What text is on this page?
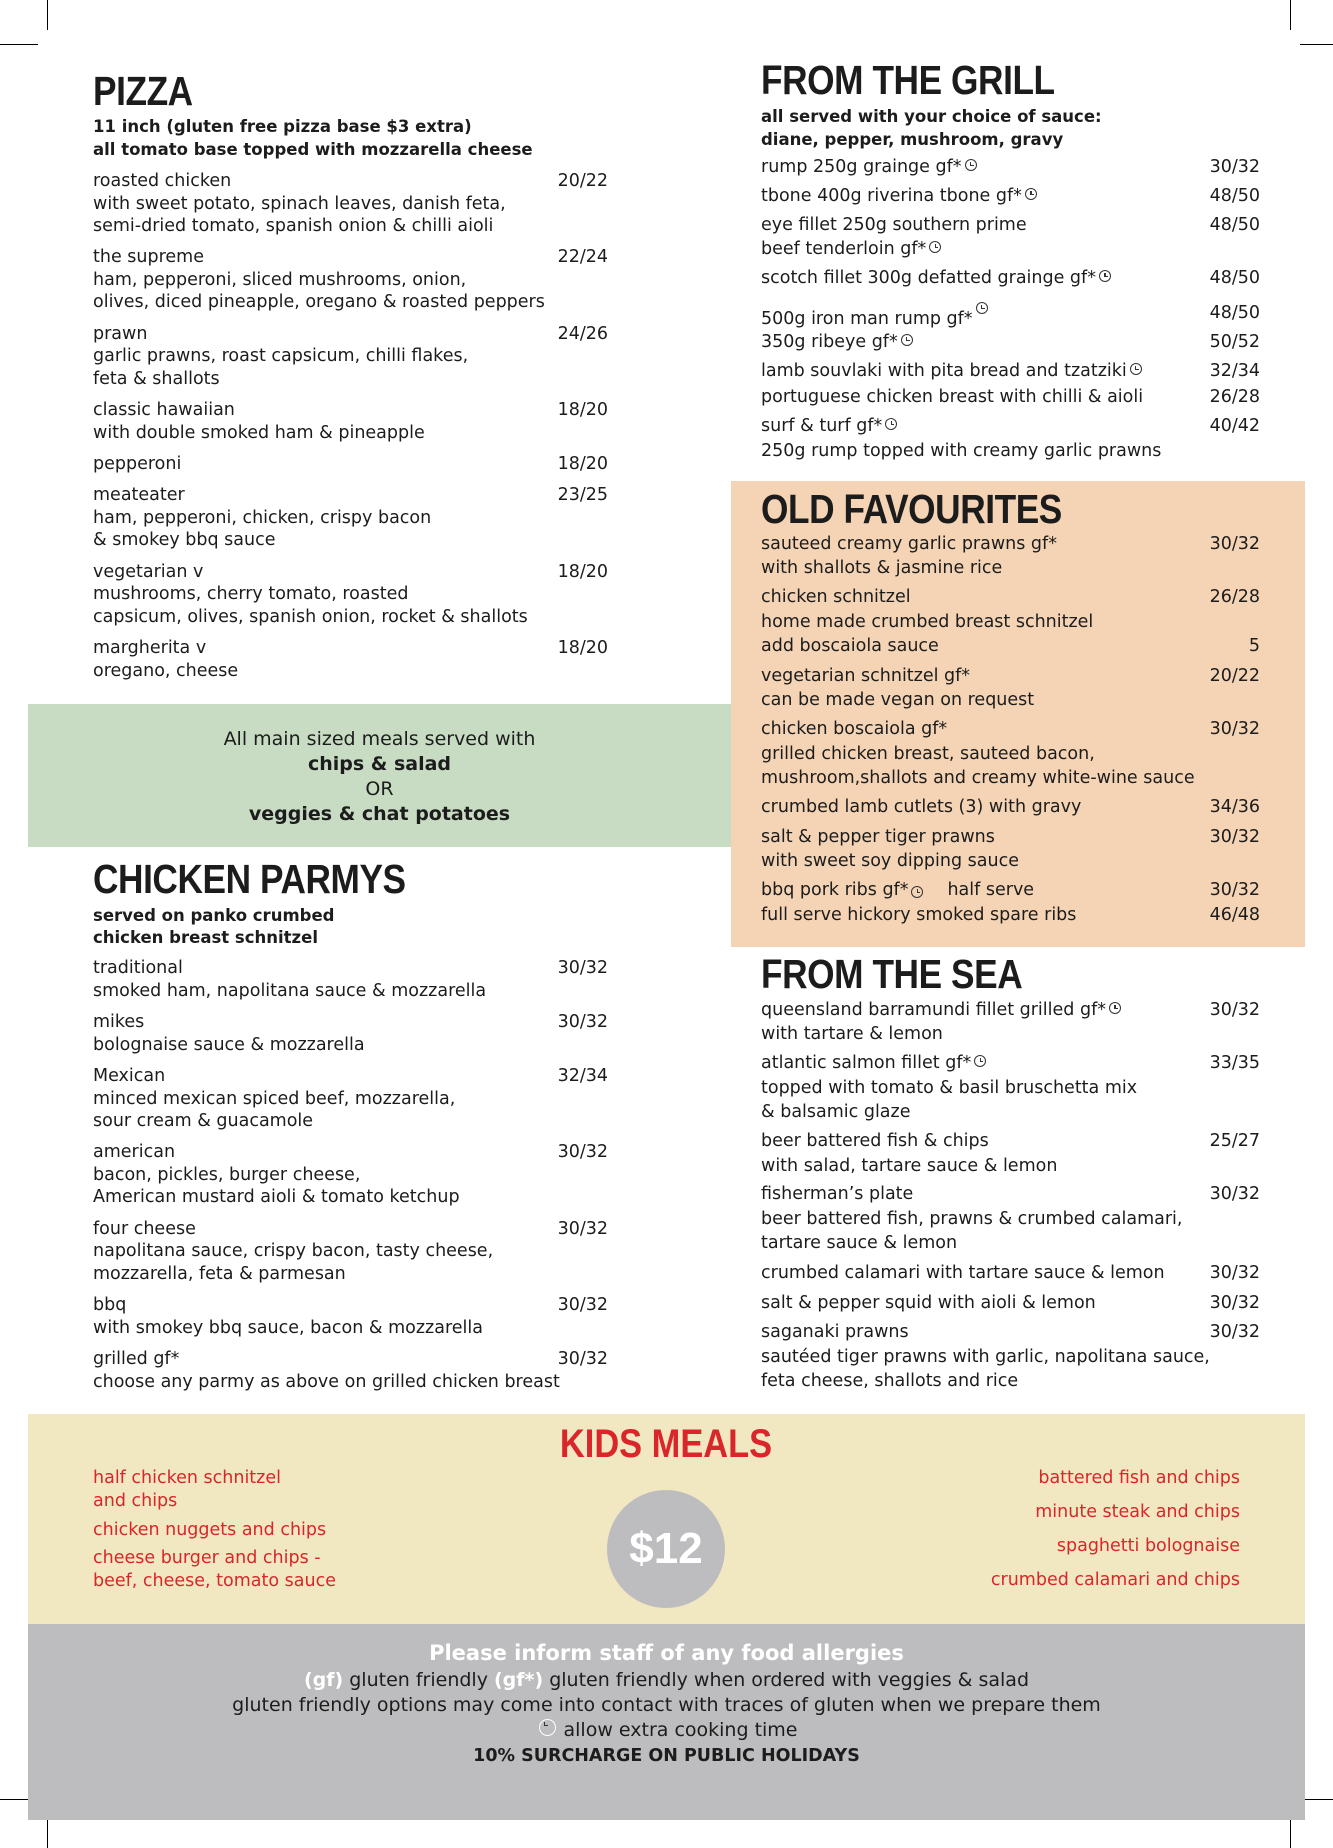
PIZZA
11 inch (gluten free pizza base $3 extra)
all tomato base topped with mozzarella cheese
roasted chicken	20/22
with sweet potato, spinach leaves, danish feta,
semi-dried tomato, spanish onion & chilli aioli
the supreme	22/24
ham, pepperoni, sliced mushrooms, onion,
olives, diced pineapple, oregano & roasted peppers
prawn	24/26
garlic prawns, roast capsicum, chilli flakes,
feta & shallots
classic hawaiian	18/20
with double smoked ham & pineapple
pepperoni	18/20
meateater	23/25
ham, pepperoni, chicken, crispy bacon
& smokey bbq sauce
vegetarian v	18/20
mushrooms, cherry tomato, roasted
capsicum, olives, spanish onion, rocket & shallots
margherita v	18/20
oregano, cheese
All main sized meals served with
chips & salad
OR
veggies & chat potatoes
CHICKEN PARMYS
served on panko crumbed
chicken breast schnitzel
traditional	30/32
smoked ham, napolitana sauce & mozzarella
mikes	30/32
bolognaise sauce & mozzarella
Mexican	32/34
minced mexican spiced beef, mozzarella,
sour cream & guacamole
american	30/32
bacon, pickles, burger cheese,
American mustard aioli & tomato ketchup
four cheese	30/32
napolitana sauce, crispy bacon, tasty cheese,
mozzarella, feta & parmesan
bbq	30/32
with smokey bbq sauce, bacon & mozzarella
grilled gf*	30/32
choose any parmy as above on grilled chicken breast
FROM THE GRILL
all served with your choice of sauce:
diane, pepper, mushroom, gravy
rump 250g grainge gf*	30/32
tbone 400g riverina tbone gf*	48/50
eye fillet 250g southern prime	48/50
beef tenderloin gf*
scotch fillet 300g defatted grainge gf*	48/50
500g iron man rump gf*	48/50
350g ribeye gf*	50/52
lamb souvlaki with pita bread and tzatziki	32/34
portuguese chicken breast with chilli & aioli	26/28
surf & turf gf*	40/42
250g rump topped with creamy garlic prawns
OLD FAVOURITES
sauteed creamy garlic prawns gf*	30/32
with shallots & jasmine rice
chicken schnitzel	26/28
home made crumbed breast schnitzel
add boscaiola sauce	5
vegetarian schnitzel gf*	20/22
can be made vegan on request
chicken boscaiola gf*	30/32
grilled chicken breast, sauteed bacon,
mushroom,shallots and creamy white-wine sauce
crumbed lamb cutlets (3) with gravy	34/36
salt & pepper tiger prawns	30/32
with sweet soy dipping sauce
bbq pork ribs gf* half serve	30/32
full serve hickory smoked spare ribs	46/48
FROM THE SEA
queensland barramundi fillet grilled gf*	30/32
with tartare & lemon
atlantic salmon fillet gf*	33/35
topped with tomato & basil bruschetta mix
& balsamic glaze
beer battered fish & chips	25/27
with salad, tartare sauce & lemon
fisherman’s plate	30/32
beer battered fish, prawns & crumbed calamari,
tartare sauce & lemon
crumbed calamari with tartare sauce & lemon	30/32
salt & pepper squid with aioli & lemon	30/32
saganaki prawns	30/32
sautéed tiger prawns with garlic, napolitana sauce,
feta cheese, shallots and rice
KIDS MEALS
$12
half chicken schnitzel
and chips
chicken nuggets and chips
cheese burger and chips -
beef, cheese, tomato sauce
battered fish and chips
minute steak and chips
spaghetti bolognaise
crumbed calamari and chips
Please inform staff of any food allergies
(gf) gluten friendly (gf*) gluten friendly when ordered with veggies & salad
gluten friendly options may come into contact with traces of gluten when we prepare them
allow extra cooking time
10% SURCHARGE ON PUBLIC HOLIDAYS
